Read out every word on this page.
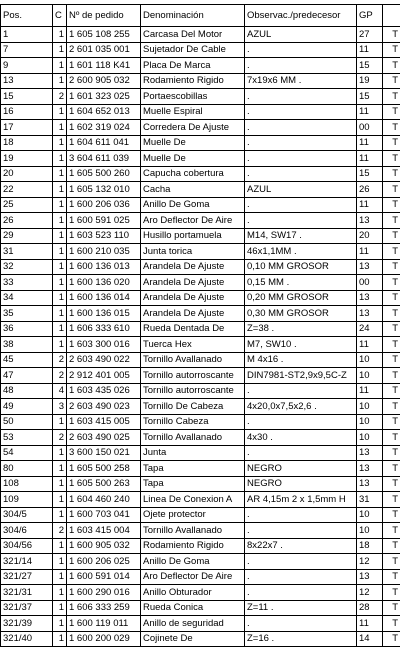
Pos.	C	Nº de pedido	Denominación	Observac./predecesor	GP	
1	1	1 605 108 255	Carcasa Del Motor	AZUL	27	T
7	1	2 601 035 001	Sujetador De Cable	.	11	T
9	1	1 601 118 K41	Placa De Marca	.	15	T
13	1	2 600 905 032	Rodamiento Rigido	7x19x6 MM .	19	T
15	2	1 601 323 025	Portaescobillas	.	15	T
16	1	1 604 652 013	Muelle Espiral	.	11	T
17	1	1 602 319 024	Corredera De Ajuste	.	00	T
18	1	1 604 611 041	Muelle De	.	11	T
19	1	3 604 611 039	Muelle De	.	11	T
20	1	1 605 500 260	Capucha cobertura	.	15	T
22	1	1 605 132 010	Cacha	AZUL	26	T
25	1	1 600 206 036	Anillo De Goma	.	11	T
26	1	1 600 591 025	Aro Deflector De Aire	.	13	T
29	1	1 603 523 110	Husillo portamuela	M14, SW17 .	20	T
31	1	1 600 210 035	Junta torica	46x1,1MM .	11	T
32	1	1 600 136 013	Arandela De Ajuste	0,10 MM GROSOR	13	T
33	1	1 600 136 020	Arandela De Ajuste	0,15 MM .	00	T
34	1	1 600 136 014	Arandela De Ajuste	0,20 MM GROSOR	13	T
35	1	1 600 136 015	Arandela De Ajuste	0,30 MM GROSOR	13	T
36	1	1 606 333 610	Rueda Dentada De	Z=38 .	24	T
38	1	1 603 300 016	Tuerca Hex	M7, SW10 .	11	T
45	2	2 603 490 022	Tornillo Avallanado	M 4x16 .	10	T
47	2	2 912 401 005	Tornillo autorroscante	DIN7981-ST2,9x9,5C-Z	10	T
48	4	1 603 435 026	Tornillo autorroscante	.	11	T
49	3	2 603 490 023	Tornillo De Cabeza	4x20,0x7,5x2,6 .	10	T
50	1	1 603 415 005	Tornillo Cabeza	.	10	T
53	2	2 603 490 025	Tornillo Avallanado	4x30 .	10	T
54	1	3 600 150 021	Junta	.	13	T
80	1	1 605 500 258	Tapa	NEGRO	13	T
108	1	1 605 500 263	Tapa	NEGRO	13	T
109	1	1 604 460 240	Linea De Conexion A	AR 4,15m 2 x 1,5mm H	31	T
304/5	1	1 600 703 041	Ojete protector	.	10	T
304/6	2	1 603 415 004	Tornillo Avallanado	.	10	T
304/56	1	1 600 905 032	Rodamiento Rigido	8x22x7 .	18	T
321/14	1	1 600 206 025	Anillo De Goma	.	12	T
321/27	1	1 600 591 014	Aro Deflector De Aire	.	13	T
321/31	1	1 600 290 016	Anillo Obturador	.	12	T
321/37	1	1 606 333 259	Rueda Conica	Z=11 .	28	T
321/39	1	1 600 119 011	Anillo de seguridad	.	11	T
321/40	1	1 600 200 029	Cojinete De	Z=16 .	14	T
